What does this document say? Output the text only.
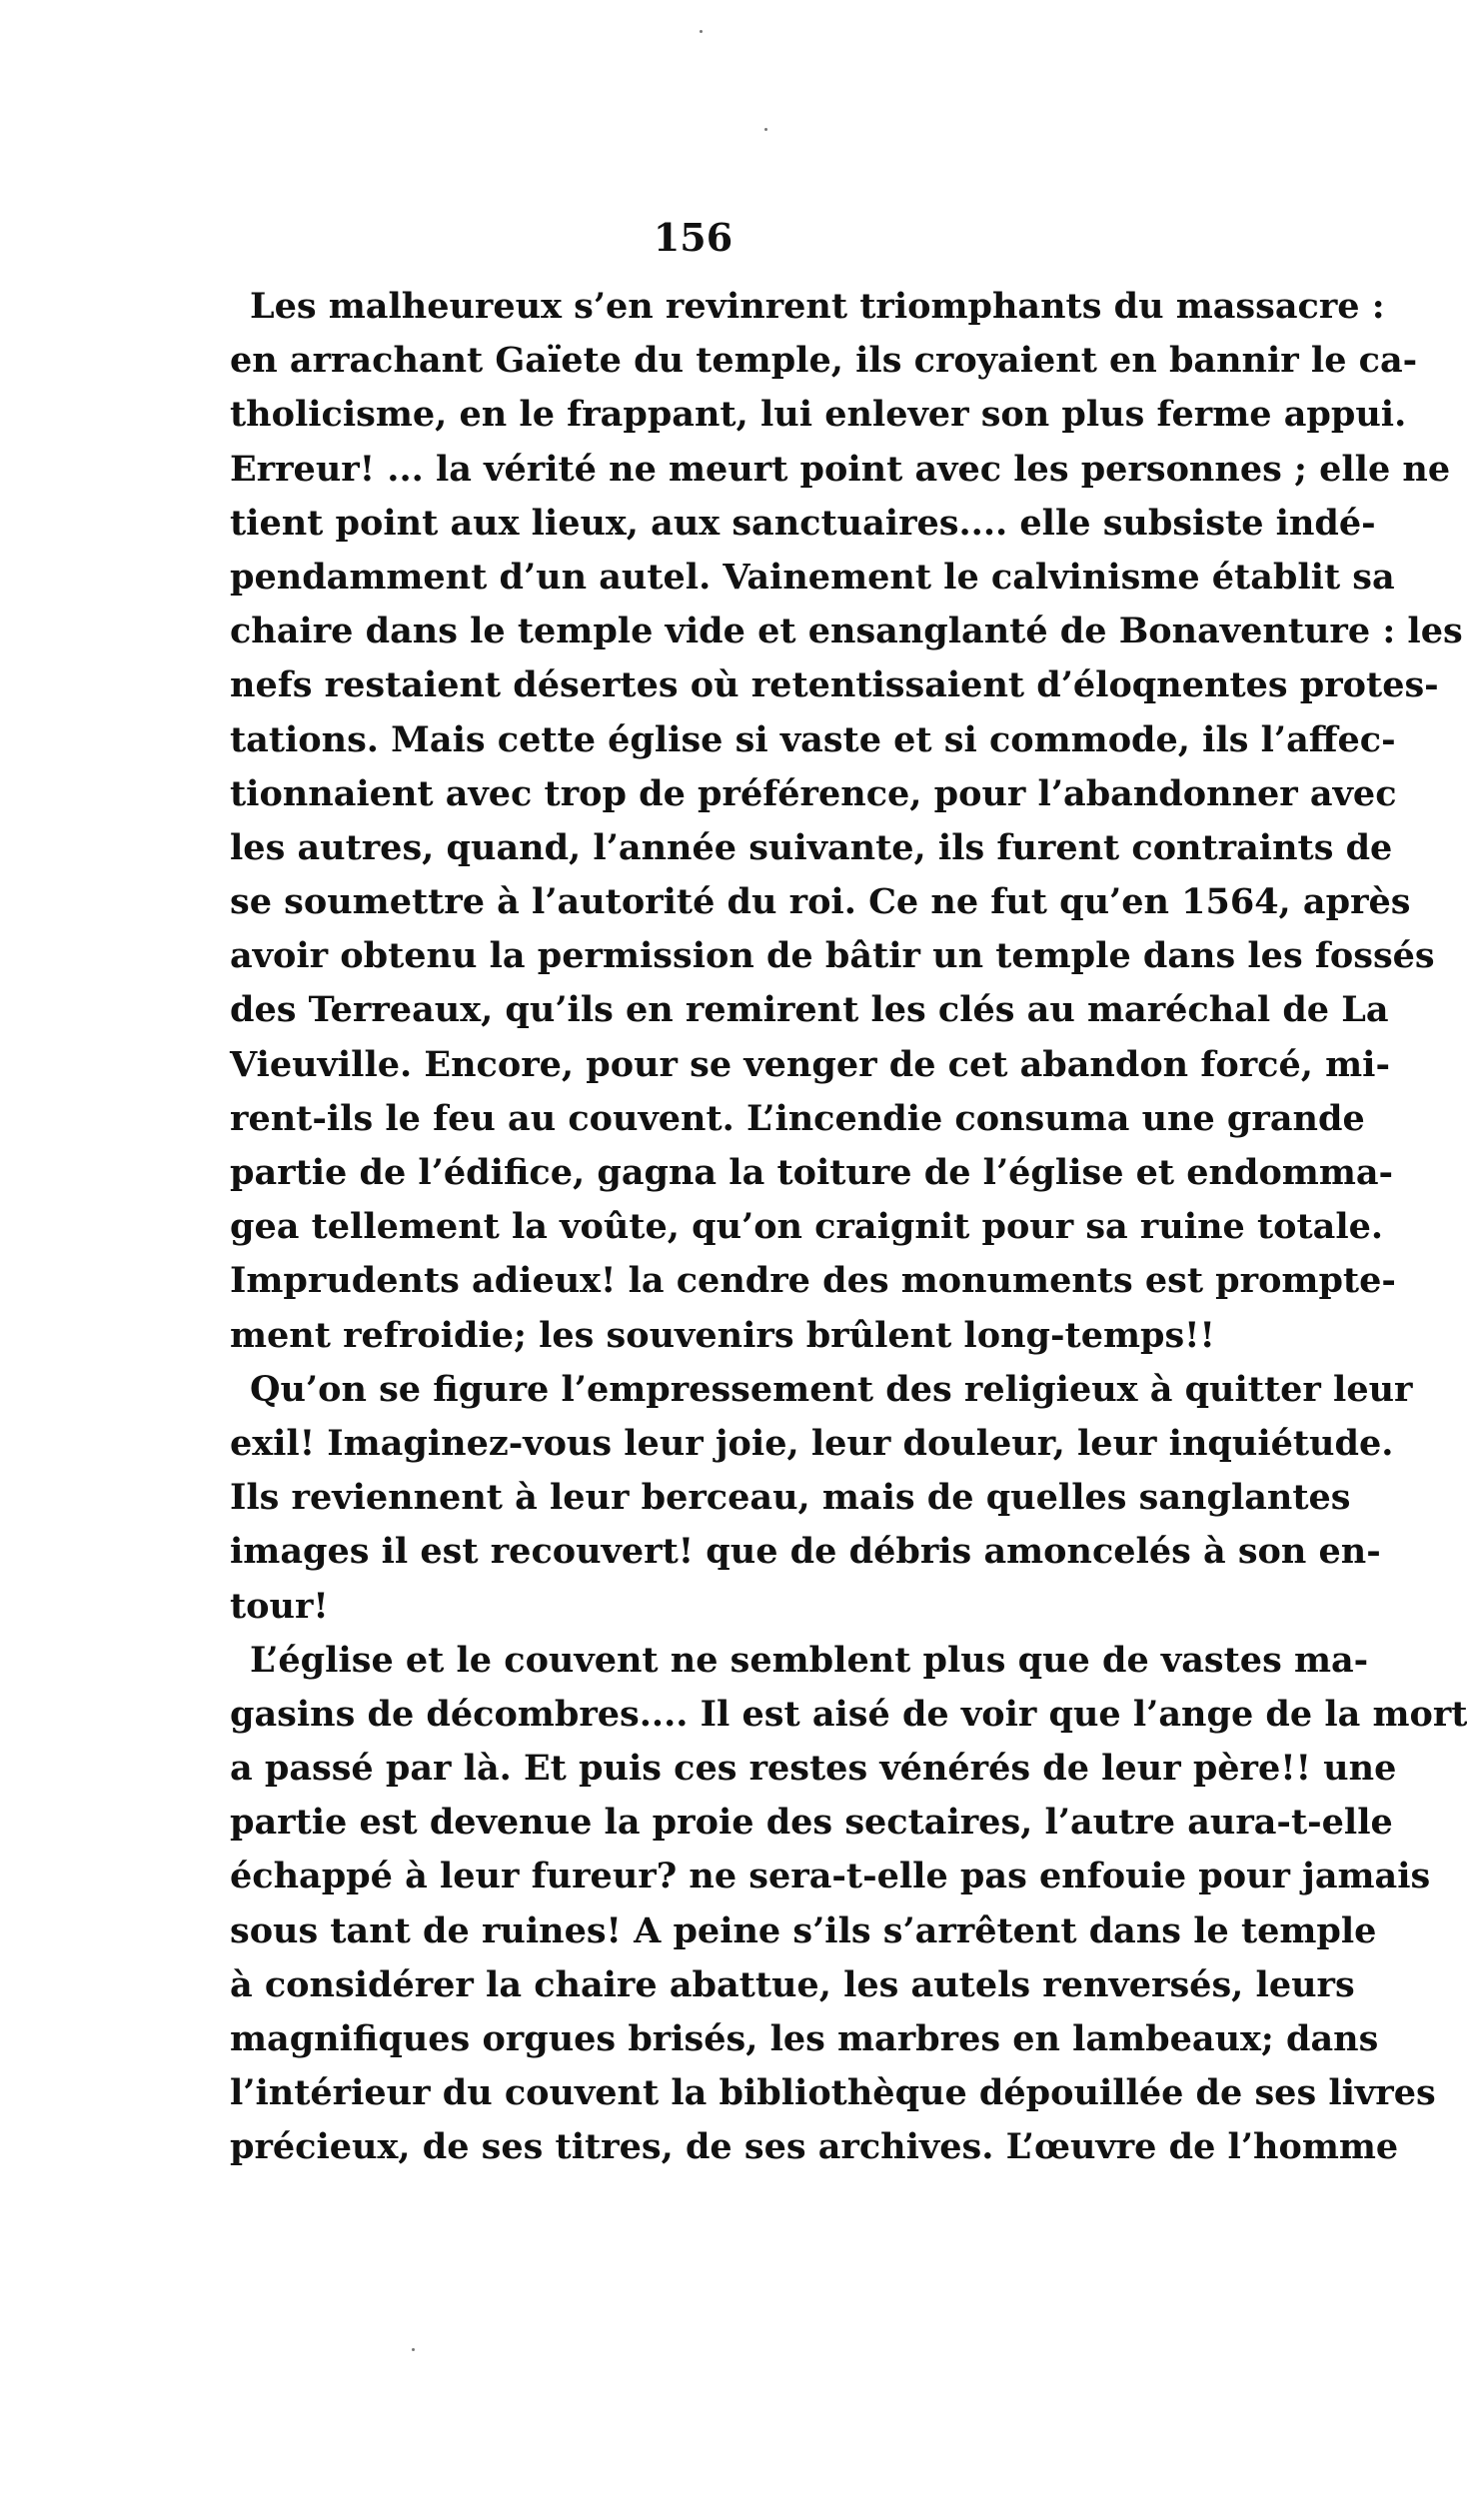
156
Les malheureux s’en revinrent triomphants du massacre :
en arrachant Gaïete du temple, ils croyaient en bannir le ca-
tholicisme, en le frappant, lui enlever son plus ferme appui.
Erreur! ... la vérité ne meurt point avec les personnes ; elle ne
tient point aux lieux, aux sanctuaires.... elle subsiste indé-
pendamment d’un autel. Vainement le calvinisme établit sa
chaire dans le temple vide et ensanglanté de Bonaventure : les
nefs restaient désertes où retentissaient d’éloqnentes protes-
tations. Mais cette église si vaste et si commode, ils l’affec-
tionnaient avec trop de préférence, pour l’abandonner avec
les autres, quand, l’année suivante, ils furent contraints de
se soumettre à l’autorité du roi. Ce ne fut qu’en 1564, après
avoir obtenu la permission de bâtir un temple dans les fossés
des Terreaux, qu’ils en remirent les clés au maréchal de La
Vieuville. Encore, pour se venger de cet abandon forcé, mi-
rent-ils le feu au couvent. L’incendie consuma une grande
partie de l’édifice, gagna la toiture de l’église et endomma-
gea tellement la voûte, qu’on craignit pour sa ruine totale.
Imprudents adieux! la cendre des monuments est prompte-
ment refroidie; les souvenirs brûlent long-temps!!
Qu’on se figure l’empressement des religieux à quitter leur
exil! Imaginez-vous leur joie, leur douleur, leur inquiétude.
Ils reviennent à leur berceau, mais de quelles sanglantes
images il est recouvert! que de débris amoncelés à son en-
tour!
L’église et le couvent ne semblent plus que de vastes ma-
gasins de décombres.... Il est aisé de voir que l’ange de la mort
a passé par là. Et puis ces restes vénérés de leur père!! une
partie est devenue la proie des sectaires, l’autre aura-t-elle
échappé à leur fureur? ne sera-t-elle pas enfouie pour jamais
sous tant de ruines! A peine s’ils s’arrêtent dans le temple
à considérer la chaire abattue, les autels renversés, leurs
magnifiques orgues brisés, les marbres en lambeaux; dans
l’intérieur du couvent la bibliothèque dépouillée de ses livres
précieux, de ses titres, de ses archives. L’œuvre de l’homme
